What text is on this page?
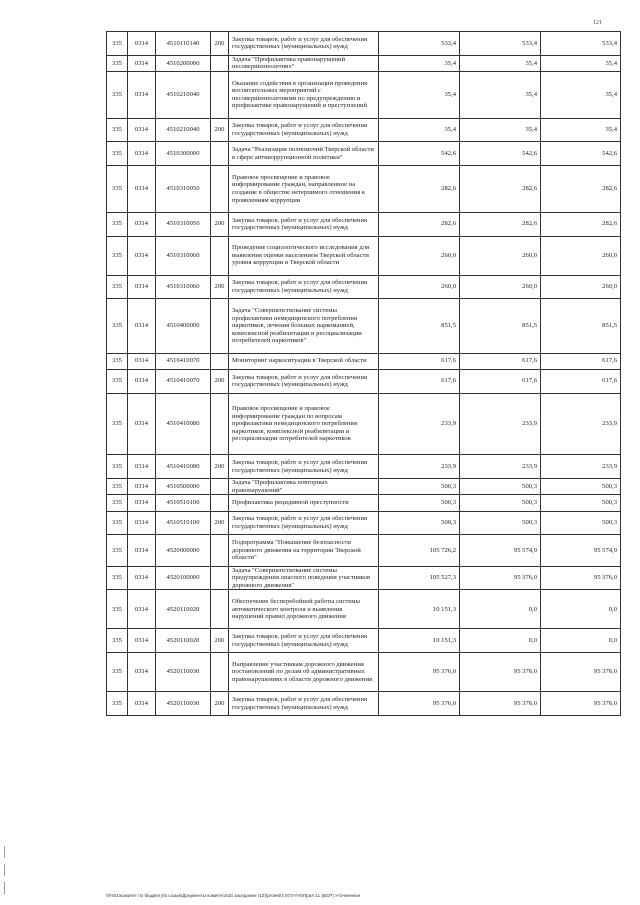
121
335	0314	4510110140	200	Закупка товаров, работ и услуг для обеспечения государственных (муниципальных) нужд	533,4	533,4	533,4
335	0314	4510200000		Задача "Профилактика правонарушений несовершеннолетних"	35,4	35,4	35,4
335	0314	4510210040		Оказание содействия в организации проведения воспитательных мероприятий с несовершеннолетними по предупреждению и профилактике правонарушений и преступлений	35,4	35,4	35,4
335	0314	4510210040	200	Закупка товаров, работ и услуг для обеспечения государственных (муниципальных) нужд	35,4	35,4	35,4
335	0314	4510300000		Задача "Реализация полномочий Тверской области в сфере антикоррупционной политики"	542,6	542,6	542,6
335	0314	4510310050		Правовое просвещение и правовое информирование граждан, направленное на создание в обществе нетерпимого отношения к проявлениям коррупции	282,6	282,6	282,6
335	0314	4510310050	200	Закупка товаров, работ и услуг для обеспечения государственных (муниципальных) нужд	282,6	282,6	282,6
335	0314	4510310060		Проведение социологического исследования для выявления оценки населением Тверской области уровня коррупции в Тверской области	260,0	260,0	260,0
335	0314	4510310060	200	Закупка товаров, работ и услуг для обеспечения государственных (муниципальных) нужд	260,0	260,0	260,0
335	0314	4510400000		Задача "Совершенствование системы профилактики немедицинского потребления наркотиков, лечения больных наркоманией, комплексной реабилитации и ресоциализации потребителей наркотиков"	851,5	851,5	851,5
335	0314	4510410070		Мониторинг наркоситуации в Тверской области	617,6	617,6	617,6
335	0314	4510410070	200	Закупка товаров, работ и услуг для обеспечения государственных (муниципальных) нужд	617,6	617,6	617,6
335	0314	4510410080		Правовое просвещение и правовое информирование граждан по вопросам профилактики немедицинского потребления наркотиков, комплексной реабилитации и ресоциализации потребителей наркотиков	233,9	233,9	233,9
335	0314	4510410080	200	Закупка товаров, работ и услуг для обеспечения государственных (муниципальных) нужд	233,9	233,9	233,9
335	0314	4510500000		Задача "Профилактика повторных правонарушений"	500,3	500,3	500,3
335	0314	4510510100		Профилактика рецидивной преступности	500,3	500,3	500,3
335	0314	4510510100	200	Закупка товаров, работ и услуг для обеспечения государственных (муниципальных) нужд	500,3	500,3	500,3
335	0314	4520000000		Подпрограмма "Повышение безопасности дорожного движения на территории Тверской области"	105 726,2	95 574,9	95 574,9
335	0314	4520100000		Задача "Совершенствование системы предупреждения опасного поведения участников дорожного движения"	105 527,3	95 376,0	95 376,0
335	0314	4520110020		Обеспечение бесперебойной работы системы автоматического контроля и выявления нарушений правил дорожного движения	10 151,3	0,0	0,0
335	0314	4520110020	200	Закупка товаров, работ и услуг для обеспечения государственных (муниципальных) нужд	10 151,3	0,0	0,0
335	0314	4520110030		Направление участникам дорожного движения постановлений по делам об административных правонарушениях в области дорожного движения	95 376,0	95 376,0	95 376,0
335	0314	4520110030	200	Закупка товаров, работ и услуг для обеспечения государственных (муниципальных) нужд	95 376,0	95 376,0	95 376,0
\\Fs01\комитет по бюджету\5 созыв\Документы комитета\34 заседание (12)\proekt\4 873-П-6\Прил 11 (ВСР) Уточненное
